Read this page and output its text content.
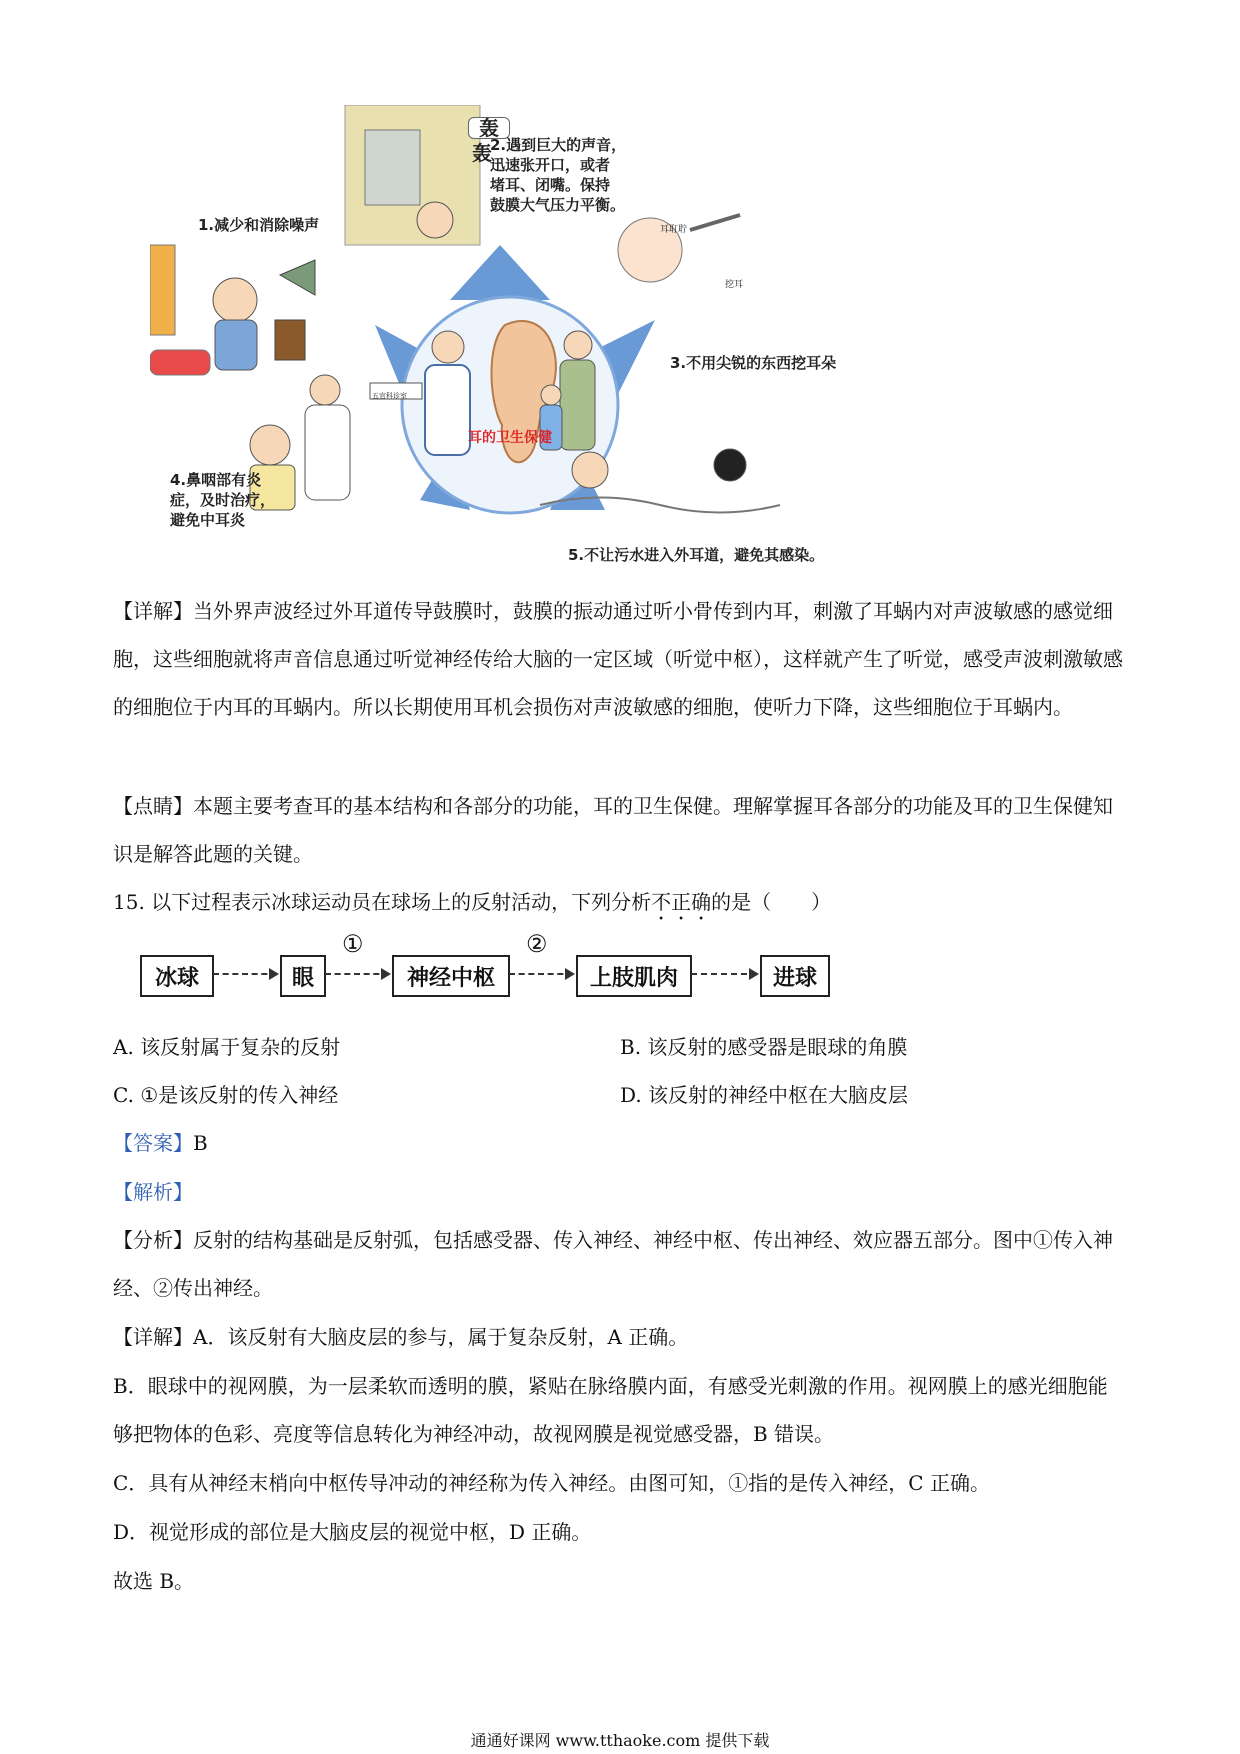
轰
轰
2.遇到巨大的声音，
迅速张开口，或者
堵耳、闭嘴。保持
鼓膜大气压力平衡。
1.减少和消除噪声	耳耵聍
挖耳
3.不用尖锐的东西挖耳朵
耳的卫生保健
五官科诊室
4.鼻咽部有炎
症，及时治疗，
避免中耳炎
5.不让污水进入外耳道，避免其感染。
【详解】当外界声波经过外耳道传导鼓膜时，鼓膜的振动通过听小骨传到内耳，刺激了耳蜗内对声波敏感的感觉细胞，这些细胞就将声音信息通过听觉神经传给大脑的一定区域（听觉中枢），这样就产生了听觉，感受声波刺激敏感的细胞位于内耳的耳蜗内。所以长期使用耳机会损伤对声波敏感的细胞，使听力下降，这些细胞位于耳蜗内。
【点睛】本题主要考查耳的基本结构和各部分的功能，耳的卫生保健。理解掌握耳各部分的功能及耳的卫生保健知识是解答此题的关键。
15. 以下过程表示冰球运动员在球场上的反射活动，下列分析不正确的是（　　）
冰球	眼
①
神经中枢
②
上肢肌肉	进球
A. 该反射属于复杂的反射	B. 该反射的感受器是眼球的角膜
C. ①是该反射的传入神经	D. 该反射的神经中枢在大脑皮层
【答案】B
【解析】
【分析】反射的结构基础是反射弧，包括感受器、传入神经、神经中枢、传出神经、效应器五部分。图中①传入神经、②传出神经。
【详解】A．该反射有大脑皮层的参与，属于复杂反射，A 正确。
B．眼球中的视网膜，为一层柔软而透明的膜，紧贴在脉络膜内面，有感受光刺激的作用。视网膜上的感光细胞能够把物体的色彩、亮度等信息转化为神经冲动，故视网膜是视觉感受器，B 错误。
C．具有从神经末梢向中枢传导冲动的神经称为传入神经。由图可知，①指的是传入神经，C 正确。
D．视觉形成的部位是大脑皮层的视觉中枢，D 正确。
故选 B。
通通好课网 www.tthaoke.com 提供下载
